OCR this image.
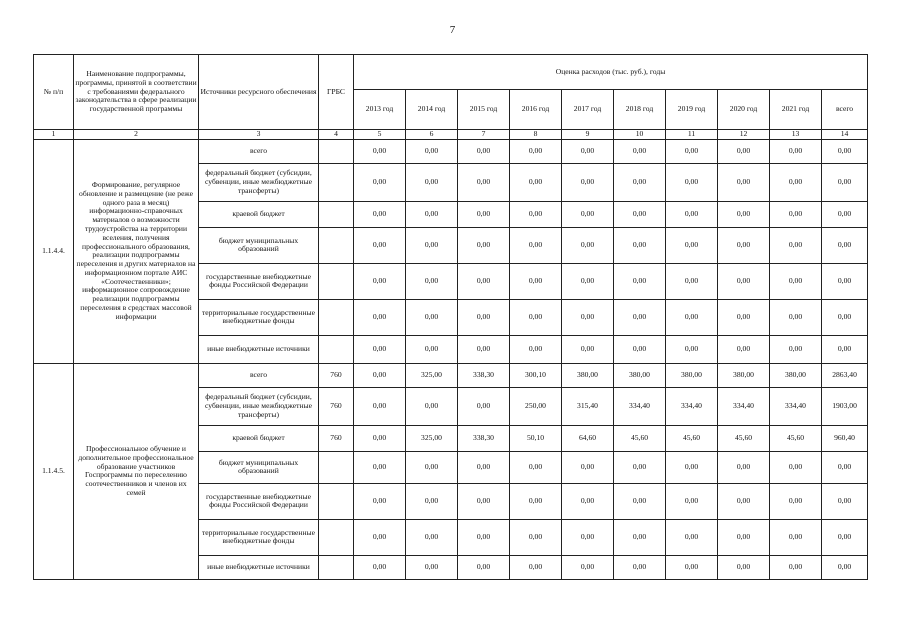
7
№ п/п	Наименование подпрограммы, программы, принятой в соответствии с требованиями федерального законодательства в сфере реализации государственной программы	Источники ресурсного обеспечения	ГРБС	Оценка расходов (тыс. руб.), годы									
				2013 год	2014 год	2015 год	2016 год	2017 год	2018 год	2019 год	2020 год	2021 год	всего
1	2	3	4	5	6	7	8	9	10	11	12	13	14
1.1.4.4.	Формирование, регулярное обновление и размещение (не реже одного раза в месяц) информационно-справочных материалов о возможности трудоустройства на территории вселения, получения профессионального образования, реализации подпрограммы переселения и других материалов на информационном портале АИС «Соотечественники»; информационное сопровождение реализации подпрограммы переселения в средствах массовой информации	всего		0,00	0,00	0,00	0,00	0,00	0,00	0,00	0,00	0,00	0,00
		федеральный бюджет (субсидии, субвенции, иные межбюджетные трансферты)		0,00	0,00	0,00	0,00	0,00	0,00	0,00	0,00	0,00	0,00
		краевой бюджет		0,00	0,00	0,00	0,00	0,00	0,00	0,00	0,00	0,00	0,00
		бюджет муниципальных образований		0,00	0,00	0,00	0,00	0,00	0,00	0,00	0,00	0,00	0,00
		государственные внебюджетные фонды Российской Федерации		0,00	0,00	0,00	0,00	0,00	0,00	0,00	0,00	0,00	0,00
		территориальные государственные внебюджетные фонды		0,00	0,00	0,00	0,00	0,00	0,00	0,00	0,00	0,00	0,00
		иные внебюджетные источники		0,00	0,00	0,00	0,00	0,00	0,00	0,00	0,00	0,00	0,00
1.1.4.5.	Профессиональное обучение и дополнительное профессиональное образование участников Госпрограммы по переселению соотечественников и членов их семей	всего	760	0,00	325,00	338,30	300,10	380,00	380,00	380,00	380,00	380,00	2863,40
		федеральный бюджет (субсидии, субвенции, иные межбюджетные трансферты)	760	0,00	0,00	0,00	250,00	315,40	334,40	334,40	334,40	334,40	1903,00
		краевой бюджет	760	0,00	325,00	338,30	50,10	64,60	45,60	45,60	45,60	45,60	960,40
		бюджет муниципальных образований		0,00	0,00	0,00	0,00	0,00	0,00	0,00	0,00	0,00	0,00
		государственные внебюджетные фонды Российской Федерации		0,00	0,00	0,00	0,00	0,00	0,00	0,00	0,00	0,00	0,00
		территориальные государственные внебюджетные фонды		0,00	0,00	0,00	0,00	0,00	0,00	0,00	0,00	0,00	0,00
		иные внебюджетные источники		0,00	0,00	0,00	0,00	0,00	0,00	0,00	0,00	0,00	0,00
